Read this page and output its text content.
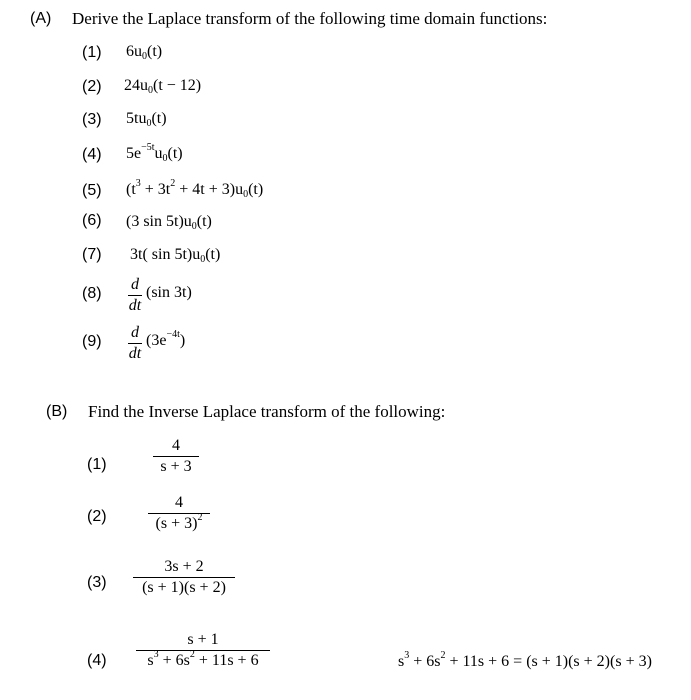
(A) Derive the Laplace transform of the following time domain functions:
(1) $6u_0(t)$
(2) $24u_0(t - 12)$
(3) $5tu_0(t)$
(4) $5e^{-5t}u_0(t)$
(5) $(t^3 + 3t^2 + 4t + 3)u_0(t)$
(6) (3 $\sin 5t)u_0(t)$
(7) 3t( $\sin 5t)u_0(t)$
(8)
d
dt
(sin 3t)
(9)
d
dt
$(3e^{-4t})$
(B) Find the Inverse Laplace transform of the following:
(1)
4
s + 3
(2)
4
$(s + 3)^2$
(3)
3s + 2
(s + 1)(s + 2)
(4)
s + 1
$s^3 + 6s^2 + 11s + 6$	$s^3 + 6s^2 + 11s + 6 = (s + 1)(s + 2)(s + 3)$
